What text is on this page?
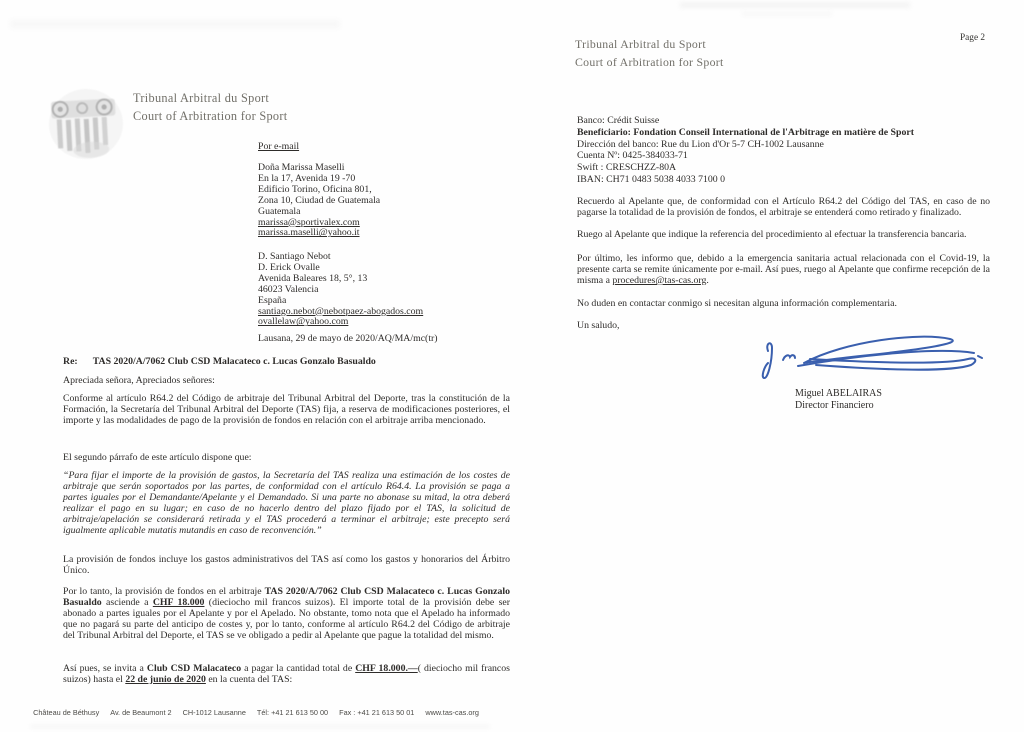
Tribunal Arbitral du Sport
Court of Arbitration for Sport
Por e-mail
Doña Marissa Maselli
En la 17, Avenida 19 -70
Edificio Torino, Oficina 801,
Zona 10, Ciudad de Guatemala
Guatemala
marissa@sportivalex.com
marissa.maselli@yahoo.it
D. Santiago Nebot
D. Erick Ovalle
Avenida Baleares 18, 5°, 13
46023 Valencia
España
santiago.nebot@nebotpaez-abogados.com
ovallelaw@yahoo.com
Lausana, 29 de mayo de 2020/AQ/MA/mc(tr)
Re: TAS 2020/A/7062 Club CSD Malacateco c. Lucas Gonzalo Basualdo
Apreciada señora, Apreciados señores:
Conforme al artículo R64.2 del Código de arbitraje del Tribunal Arbitral del Deporte, tras la constitución de la Formación, la Secretaría del Tribunal Arbitral del Deporte (TAS) fija, a reserva de modificaciones posteriores, el importe y las modalidades de pago de la provisión de fondos en relación con el arbitraje arriba mencionado.
El segundo párrafo de este artículo dispone que:
“Para fijar el importe de la provisión de gastos, la Secretaría del TAS realiza una estimación de los costes de arbitraje que serán soportados por las partes, de conformidad con el artículo R64.4. La provisión se paga a partes iguales por el Demandante/Apelante y el Demandado. Si una parte no abonase su mitad, la otra deberá realizar el pago en su lugar; en caso de no hacerlo dentro del plazo fijado por el TAS, la solicitud de arbitraje/apelación se considerará retirada y el TAS procederá a terminar el arbitraje; este precepto será igualmente aplicable mutatis mutandis en caso de reconvención.”
La provisión de fondos incluye los gastos administrativos del TAS así como los gastos y honorarios del Árbitro Único.
Por lo tanto, la provisión de fondos en el arbitraje TAS 2020/A/7062 Club CSD Malacateco c. Lucas Gonzalo Basualdo asciende a CHF 18.000 (dieciocho mil francos suizos). El importe total de la provisión debe ser abonado a partes iguales por el Apelante y por el Apelado. No obstante, tomo nota que el Apelado ha informado que no pagará su parte del anticipo de costes y, por lo tanto, conforme al artículo R64.2 del Código de arbitraje del Tribunal Arbitral del Deporte, el TAS se ve obligado a pedir al Apelante que pague la totalidad del mismo.
Así pues, se invita a Club CSD Malacateco a pagar la cantidad total de CHF 18.000.—( dieciocho mil francos suizos) hasta el 22 de junio de 2020 en la cuenta del TAS:
Château de Béthusy Av. de Beaumont 2 CH-1012 Lausanne Tél: +41 21 613 50 00 Fax : +41 21 613 50 01 www.tas-cas.org
Tribunal Arbitral du Sport
Court of Arbitration for Sport
Page 2
Banco: Crédit Suisse
Beneficiario: Fondation Conseil International de l'Arbitrage en matière de Sport
Dirección del banco: Rue du Lion d'Or 5-7 CH-1002 Lausanne
Cuenta Nº: 0425-384033-71
Swift : CRESCHZZ-80A
IBAN: CH71 0483 5038 4033 7100 0
Recuerdo al Apelante que, de conformidad con el Artículo R64.2 del Código del TAS, en caso de no pagarse la totalidad de la provisión de fondos, el arbitraje se entenderá como retirado y finalizado.
Ruego al Apelante que indique la referencia del procedimiento al efectuar la transferencia bancaria.
Por último, les informo que, debido a la emergencia sanitaria actual relacionada con el Covid-19, la presente carta se remite únicamente por e-mail. Así pues, ruego al Apelante que confirme recepción de la misma a procedures@tas-cas.org.
No duden en contactar conmigo si necesitan alguna información complementaria.
Un saludo,
Miguel ABELAIRAS
Director Financiero
